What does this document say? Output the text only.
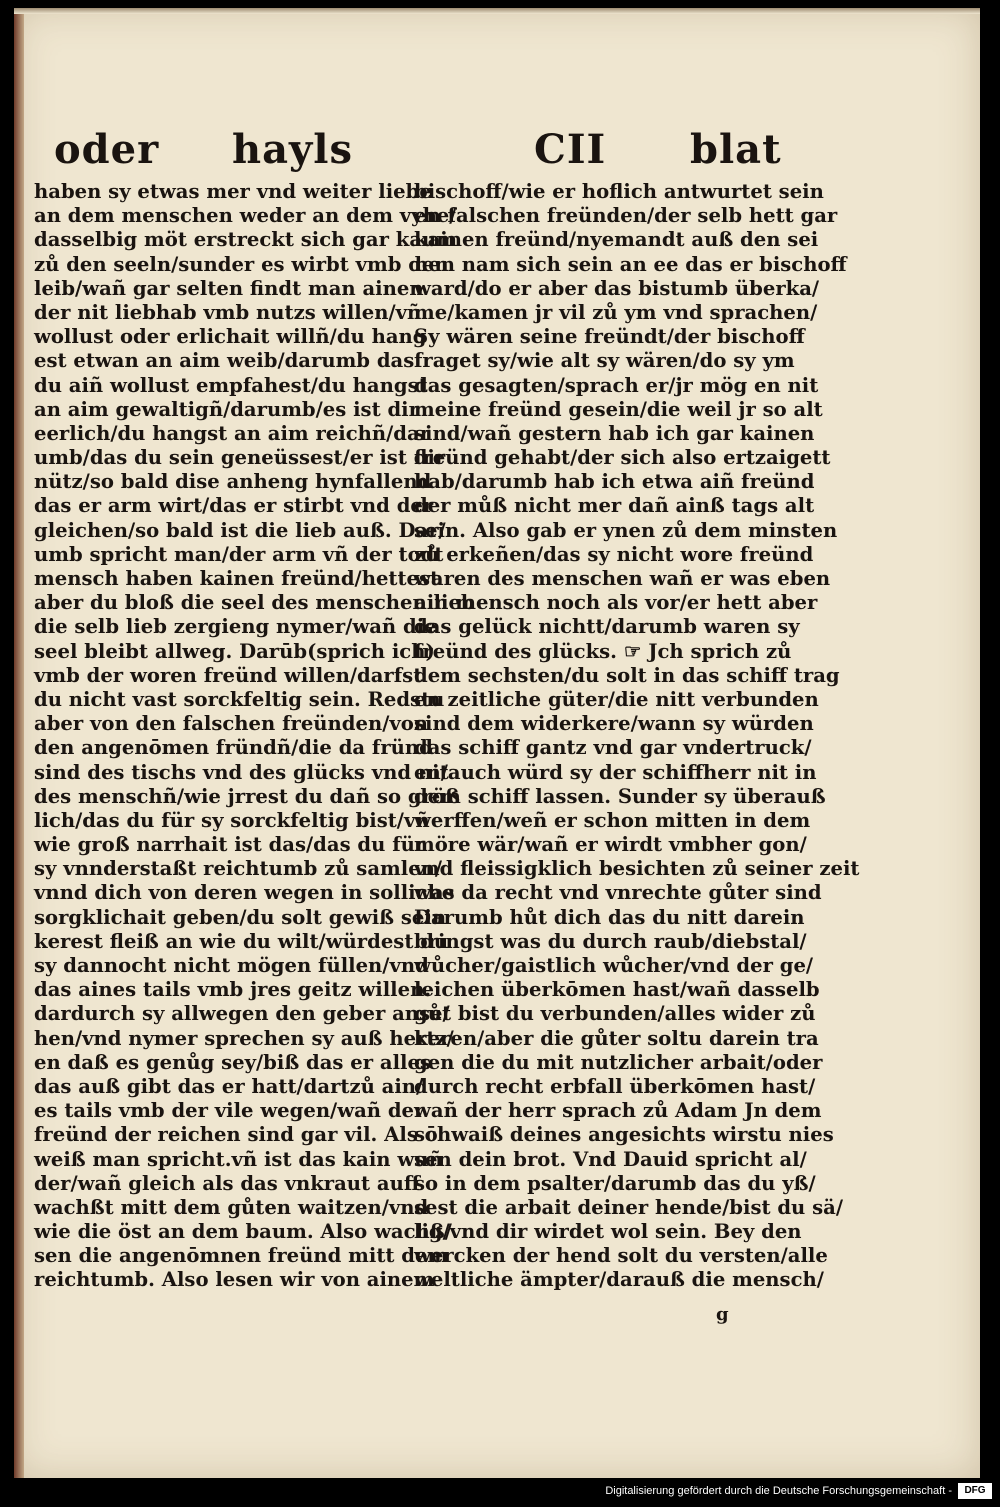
oder hayls	CII blat
haben sy etwas mer vnd weiter liebe
an dem menschen weder an dem vyhe/
dasselbig möt erstreckt sich gar kaum
zů den seeln/sunder es wirbt vmb den
leib/wañ gar selten findt man ainen
der nit liebhab vmb nutzs willen/vñ
wollust oder erlichait willñ/du hang
est etwan an aim weib/darumb das
du aiñ wollust empfahest/du hangst
an aim gewaltigñ/darumb/es ist dir
eerlich/du hangst an aim reichñ/dar
umb/das du sein geneüssest/er ist dir
nütz/so bald dise anheng hynfallend
das er arm wirt/das er stirbt vnd der
gleichen/so bald ist die lieb auß. Dar/
umb spricht man/der arm vñ der todt
mensch haben kainen freünd/hettest
aber du bloß die seel des menschen lieb
die selb lieb zergieng nymer/wañ die
seel bleibt allweg. Darūb(sprich ich)
vmb der woren freünd willen/darfst
du nicht vast sorckfeltig sein. Redstu
aber von den falschen freünden/von
den angenōmen fründñ/die da fründ
sind des tischs vnd des glücks vnd nit
des menschñ/wie jrrest du dañ so größ
lich/das du für sy sorckfeltig bist/vñ
wie groß narrhait ist das/das du für
sy vnnderstaßt reichtumb zů samlen/
vnnd dich von deren wegen in solliche
sorgklichait geben/du solt gewiß sein
kerest fleiß an wie du wilt/würdest du
sy dannocht nicht mögen füllen/vnd
das aines tails vmb jres geitz willen.
dardurch sy allwegen den geber anse/
hen/vnd nymer sprechen sy auß hertz/
en daß es genůg sey/biß das er alles
das auß gibt das er hatt/dartzů ain/
es tails vmb der vile wegen/wañ der
freünd der reichen sind gar vil. Als ō
weiß man spricht.vñ ist das kain wuñ
der/wañ gleich als das vnkraut auff
wachßt mitt dem gůten waitzen/vnd
wie die öst an dem baum. Also wachß/
sen die angenōmnen freünd mitt dem
reichtumb. Also lesen wir von ainem
bischoff/wie er hoflich antwurtet sein
en falschen freünden/der selb hett gar
kainen freünd/nyemandt auß den sei
nen nam sich sein an ee das er bischoff
ward/do er aber das bistumb überka/
me/kamen jr vil zů ym vnd sprachen/
Sy wären seine freündt/der bischoff
fraget sy/wie alt sy wären/do sy ym
das gesagten/sprach er/jr mög en nit
meine freünd gesein/die weil jr so alt
sind/wañ gestern hab ich gar kainen
freünd gehabt/der sich also ertzaigett
hab/darumb hab ich etwa aiñ freünd
der můß nicht mer dañ ainß tags alt
sein. Also gab er ynen zů dem minsten
zů erkeñen/das sy nicht wore freünd
waren des menschen wañ er was eben
ain mensch noch als vor/er hett aber
das gelück nichtt/darumb waren sy
freünd des glücks. ☞ Jch sprich zů
dem sechsten/du solt in das schiff trag
en zeitliche güter/die nitt verbunden
sind dem widerkere/wann sy würden
das schiff gantz vnd gar vndertruck/
en/auch würd sy der schiffherr nit in
dem schiff lassen. Sunder sy überauß
werffen/weñ er schon mitten in dem
möre wär/wañ er wirdt vmbher gon/
vnd fleissigklich besichten zů seiner zeit
was da recht vnd vnrechte gůter sind
Darumb hůt dich das du nitt darein
bringst was du durch raub/diebstal/
wůcher/gaistlich wůcher/vnd der ge/
leichen überkōmen hast/wañ dasselb
gůt bist du verbunden/alles wider zů
keren/aber die gůter soltu darein tra
gen die du mit nutzlicher arbait/oder
durch recht erbfall überkōmen hast/
wañ der herr sprach zů Adam Jn dem
schwaiß deines angesichts wirstu nies
sen dein brot. Vnd Dauid spricht al/
so in dem psalter/darumb das du yß/
sest die arbait deiner hende/bist du sä/
lig/vnd dir wirdet wol sein. Bey den
wercken der hend solt du versten/alle
weltliche ämpter/darauß die mensch/
g
Digitalisierung gefördert durch die Deutsche Forschungsgemeinschaft -	DFG
